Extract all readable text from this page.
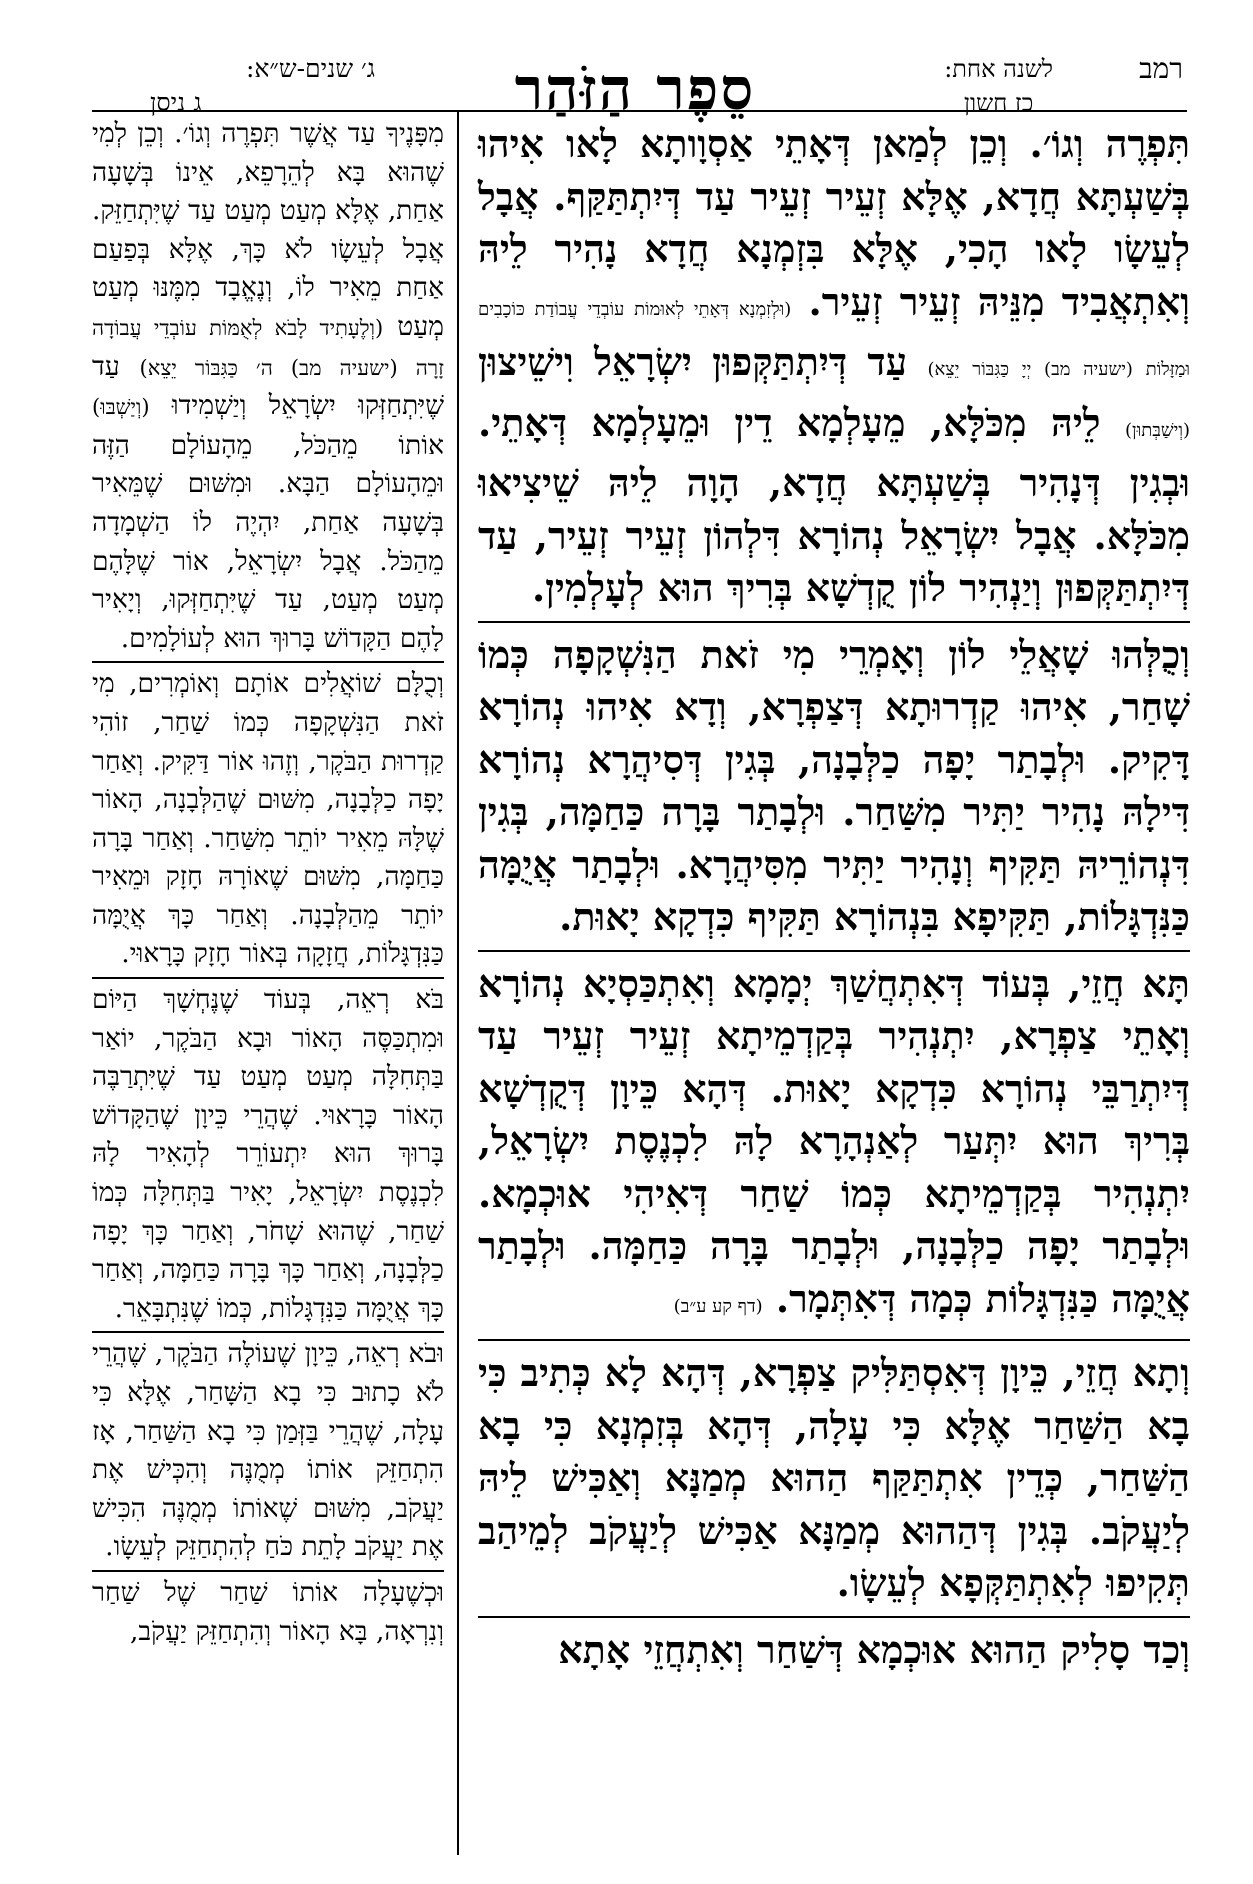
ג׳ שנים-ש״א:
ג ניסן	סֵפֶר הַזֹּהַר	רמב
לשנה אחת:
כז חשון

מִפָּנֶיךָ עַד אֲשֶׁר תִּפְרֶה וְגוֹ׳. וְכֵן לְמִי שֶׁהוּא בָּא לְהֵרָפֵא, אֵינוֹ בְּשָׁעָה אַחַת, אֶלָּא מְעַט מְעַט עַד שֶׁיִּתְחַזֵּק. אֲבָל לְעֵשָׂו לֹא כָּךְ, אֶלָּא בְּפַעַם אַחַת מֵאִיר לוֹ, וְנֶאֱבָד מִמֶּנּוּ מְעַט מְעַט (וְלֶעָתִיד לָבֹא לְאֻמּוֹת עוֹבְדֵי עֲבוֹדָה זָרָה (ישעיה מב) ה׳ כַּגִּבּוֹר יֵצֵא) עַד שֶׁיִּתְחַזְּקוּ יִשְׂרָאֵל וְיַשְׁמִידוּ (וְיַשְׁבּוּ) אוֹתוֹ מֵהַכֹּל, מֵהָעוֹלָם הַזֶּה וּמֵהָעוֹלָם הַבָּא. וּמִשּׁוּם שֶׁמֵּאִיר בְּשָׁעָה אַחַת, יִהְיֶה לוֹ הַשְׁמָדָה מֵהַכֹּל. אֲבָל יִשְׂרָאֵל, אוֹר שֶׁלָּהֶם מְעַט מְעַט, עַד שֶׁיִּתְחַזְּקוּ, וְיָאִיר לָהֶם הַקָּדוֹשׁ בָּרוּךְ הוּא לְעוֹלָמִים.

וְכֻלָּם שׁוֹאֲלִים אוֹתָם וְאוֹמְרִים, מִי זֹאת הַנִּשְׁקָפָה כְּמוֹ שַׁחַר, זוֹהִי קַדְרוּת הַבֹּקֶר, וְזֶהוּ אוֹר דַּקִּיק. וְאַחַר יָפָה כַלְּבָנָה, מִשּׁוּם שֶׁהַלְּבָנָה, הָאוֹר שֶׁלָּהּ מֵאִיר יוֹתֵר מִשַּׁחַר. וְאַחַר בָּרָה כַּחַמָּה, מִשּׁוּם שֶׁאוֹרָהּ חָזָק וּמֵאִיר יוֹתֵר מֵהַלְּבָנָה. וְאַחַר כָּךְ אֲיֻמָּה כַּנִּדְגָּלוֹת, חֲזָקָה בְּאוֹר חָזָק כָּרָאוּי.

בֹּא רְאֵה, בְּעוֹד שֶׁנֶּחְשָׁךְ הַיּוֹם וּמִתְכַּסֶּה הָאוֹר וּבָא הַבֹּקֶר, יוֹאַר בַּתְּחִלָּה מְעַט מְעַט עַד שֶׁיִּתְרַבֶּה הָאוֹר כָּרָאוּי. שֶׁהֲרֵי כֵּיוָן שֶׁהַקָּדוֹשׁ בָּרוּךְ הוּא יִתְעוֹרֵר לְהָאִיר לָהּ לִכְנֶסֶת יִשְׂרָאֵל, יָאִיר בַּתְּחִלָּה כְּמוֹ שַׁחַר, שֶׁהוּא שָׁחֹר, וְאַחַר כָּךְ יָפָה כַלְּבָנָה, וְאַחַר כָּךְ בָּרָה כַּחַמָּה, וְאַחַר כָּךְ אֲיֻמָּה כַּנִּדְגָּלוֹת, כְּמוֹ שֶׁנִּתְבָּאֵר.

וּבֹא רְאֵה, כֵּיוָן שֶׁעוֹלֶה הַבֹּקֶר, שֶׁהֲרֵי לֹא כָתוּב כִּי בָא הַשָּׁחַר, אֶלָּא כִּי עָלָה, שֶׁהֲרֵי בַּזְּמַן כִּי בָא הַשַּׁחַר, אָז הִתְחַזֵּק אוֹתוֹ מְמֻנֶּה וְהִכְּישׁ אֶת יַעֲקֹב, מִשּׁוּם שֶׁאוֹתוֹ מְמֻנֶּה הִכִּישׁ אֶת יַעֲקֹב לָתֵת כֹּחַ לְהִתְחַזֵּק לְעֵשָׂו.

וּכְשֶׁעָלָה אוֹתוֹ שַׁחַר שֶׁל שַׁחַר וְנִרְאָה, בָּא הָאוֹר וְהִתְחַזֵּק יַעֲקֹב,

תִּפְרֶה וְגוֹ׳. וְכֵן לְמַאן דְּאָתֵי אַסְוָותָא לָאו אִיהוּ בְּשַׁעְתָּא חֲדָא, אֶלָּא זְעֵיר זְעֵיר עַד דְּיִתְתַּקַּף. אֲבָל לְעֵשָׂו לָאו הָכִי, אֶלָּא בִּזְמְנָא חֲדָא נָהִיר לֵיהּ וְאִתְאֲבִיד מִנֵּיהּ זְעֵיר זְעֵיר. (וּלְזִמְנָא דְּאָתֵי לְאוּמוֹת עוֹבְדֵי עֲבוֹדַת כּוֹכָבִים וּמַזָּלוֹת (ישעיה מב) יְיָ כַּגִּבּוֹר יֵצֵא) עַד דְּיִתְתַּקְּפוּן יִשְׂרָאֵל וִישֵׁיצוּן (וְישַׁבְּתוּן) לֵיהּ מִכֹּלָּא, מֵעָלְמָא דֵין וּמֵעָלְמָא דְּאָתֵי. וּבְגִין דְּנָהִיר בְּשַׁעְתָּא חֲדָא, הָוָה לֵיהּ שֵׁיצִיאוּ מִכֹּלָּא. אֲבָל יִשְׂרָאֵל נְהוֹרָא דִּלְהוֹן זְעֵיר זְעֵיר, עַד דְּיִתְתַּקְּפוּן וְיַנְהִיר לוֹן קֻדְשָׁא בְּרִיךְ הוּא לְעָלְמִין.

וְכֻלְּהוּ שָׁאֲלֵי לוֹן וְאָמְרֵי מִי זֹאת הַנִּשְׁקָפָה כְּמוֹ שָׁחַר, אִיהוּ קַדְרוּתָא דְּצַפְרָא, וְדָא אִיהוּ נְהוֹרָא דָּקִיק. וּלְבָתַר יָפָה כַלְּבָנָה, בְּגִין דְּסִיהֲרָא נְהוֹרָא דִּילָהּ נָהִיר יַתִּיר מִשַּׁחַר. וּלְבָתַר בָּרָה כַּחַמָּה, בְּגִין דִּנְהוֹרֵיהּ תַּקִּיף וְנָהִיר יַתִּיר מִסִּיהֲרָא. וּלְבָתַר אֲיֻמָּה כַּנִּדְגָּלוֹת, תַּקִּיפָא בִּנְהוֹרָא תַּקִּיף כִּדְקָא יָאוּת.

תָּא חֲזֵי, בְּעוֹד דְּאִתְחֲשַׁךְ יְמָמָא וְאִתְכַּסְיָא נְהוֹרָא וְאָתֵי צַפְרָא, יִתְנְהִיר בְּקַדְמֵיתָא זְעֵיר זְעֵיר עַד דְּיִתְרַבֵּי נְהוֹרָא כִּדְקָא יָאוּת. דְּהָא כֵּיוָן דְּקֻדְשָׁא בְּרִיךְ הוּא יִתְּעַר לְאַנְהָרָא לָהּ לִכְנֶסֶת יִשְׂרָאֵל, יִתְנְהִיר בְּקַדְמֵיתָא כְּמוֹ שַׁחַר דְּאִיהִי אוּכְמָא. וּלְבָתַר יָפָה כַלְּבָנָה, וּלְבָתַר בָּרָה כַּחַמָּה. וּלְבָתַר אֲיֻמָּה כַּנִּדְגָּלוֹת כְּמָה דְּאִתְּמָר. (דף קע ע״ב)

וְתָא חֲזֵי, כֵּיוָן דְּאִסְתַּלִּיק צַפְרָא, דְּהָא לָא כְּתִיב כִּי בָא הַשַּׁחַר אֶלָּא כִּי עָלָה, דְּהָא בְּזִמְנָא כִּי בָא הַשַּׁחַר, כְּדֵין אִתְתַּקַּף הַהוּא מְמַנָּא וְאַכִּישׁ לֵיהּ לְיַעֲקֹב. בְּגִין דְּהַהוּא מְמַנָּא אַכִּישׁ לְיַעֲקֹב לְמֵיהַב תְּקִיפוּ לְאִתְתַּקְּפָא לְעֵשָׂו.

וְכַד סָלִיק הַהוּא אוּכְמָא דְּשַׁחַר וְאִתְחֲזֵי אָתָא
